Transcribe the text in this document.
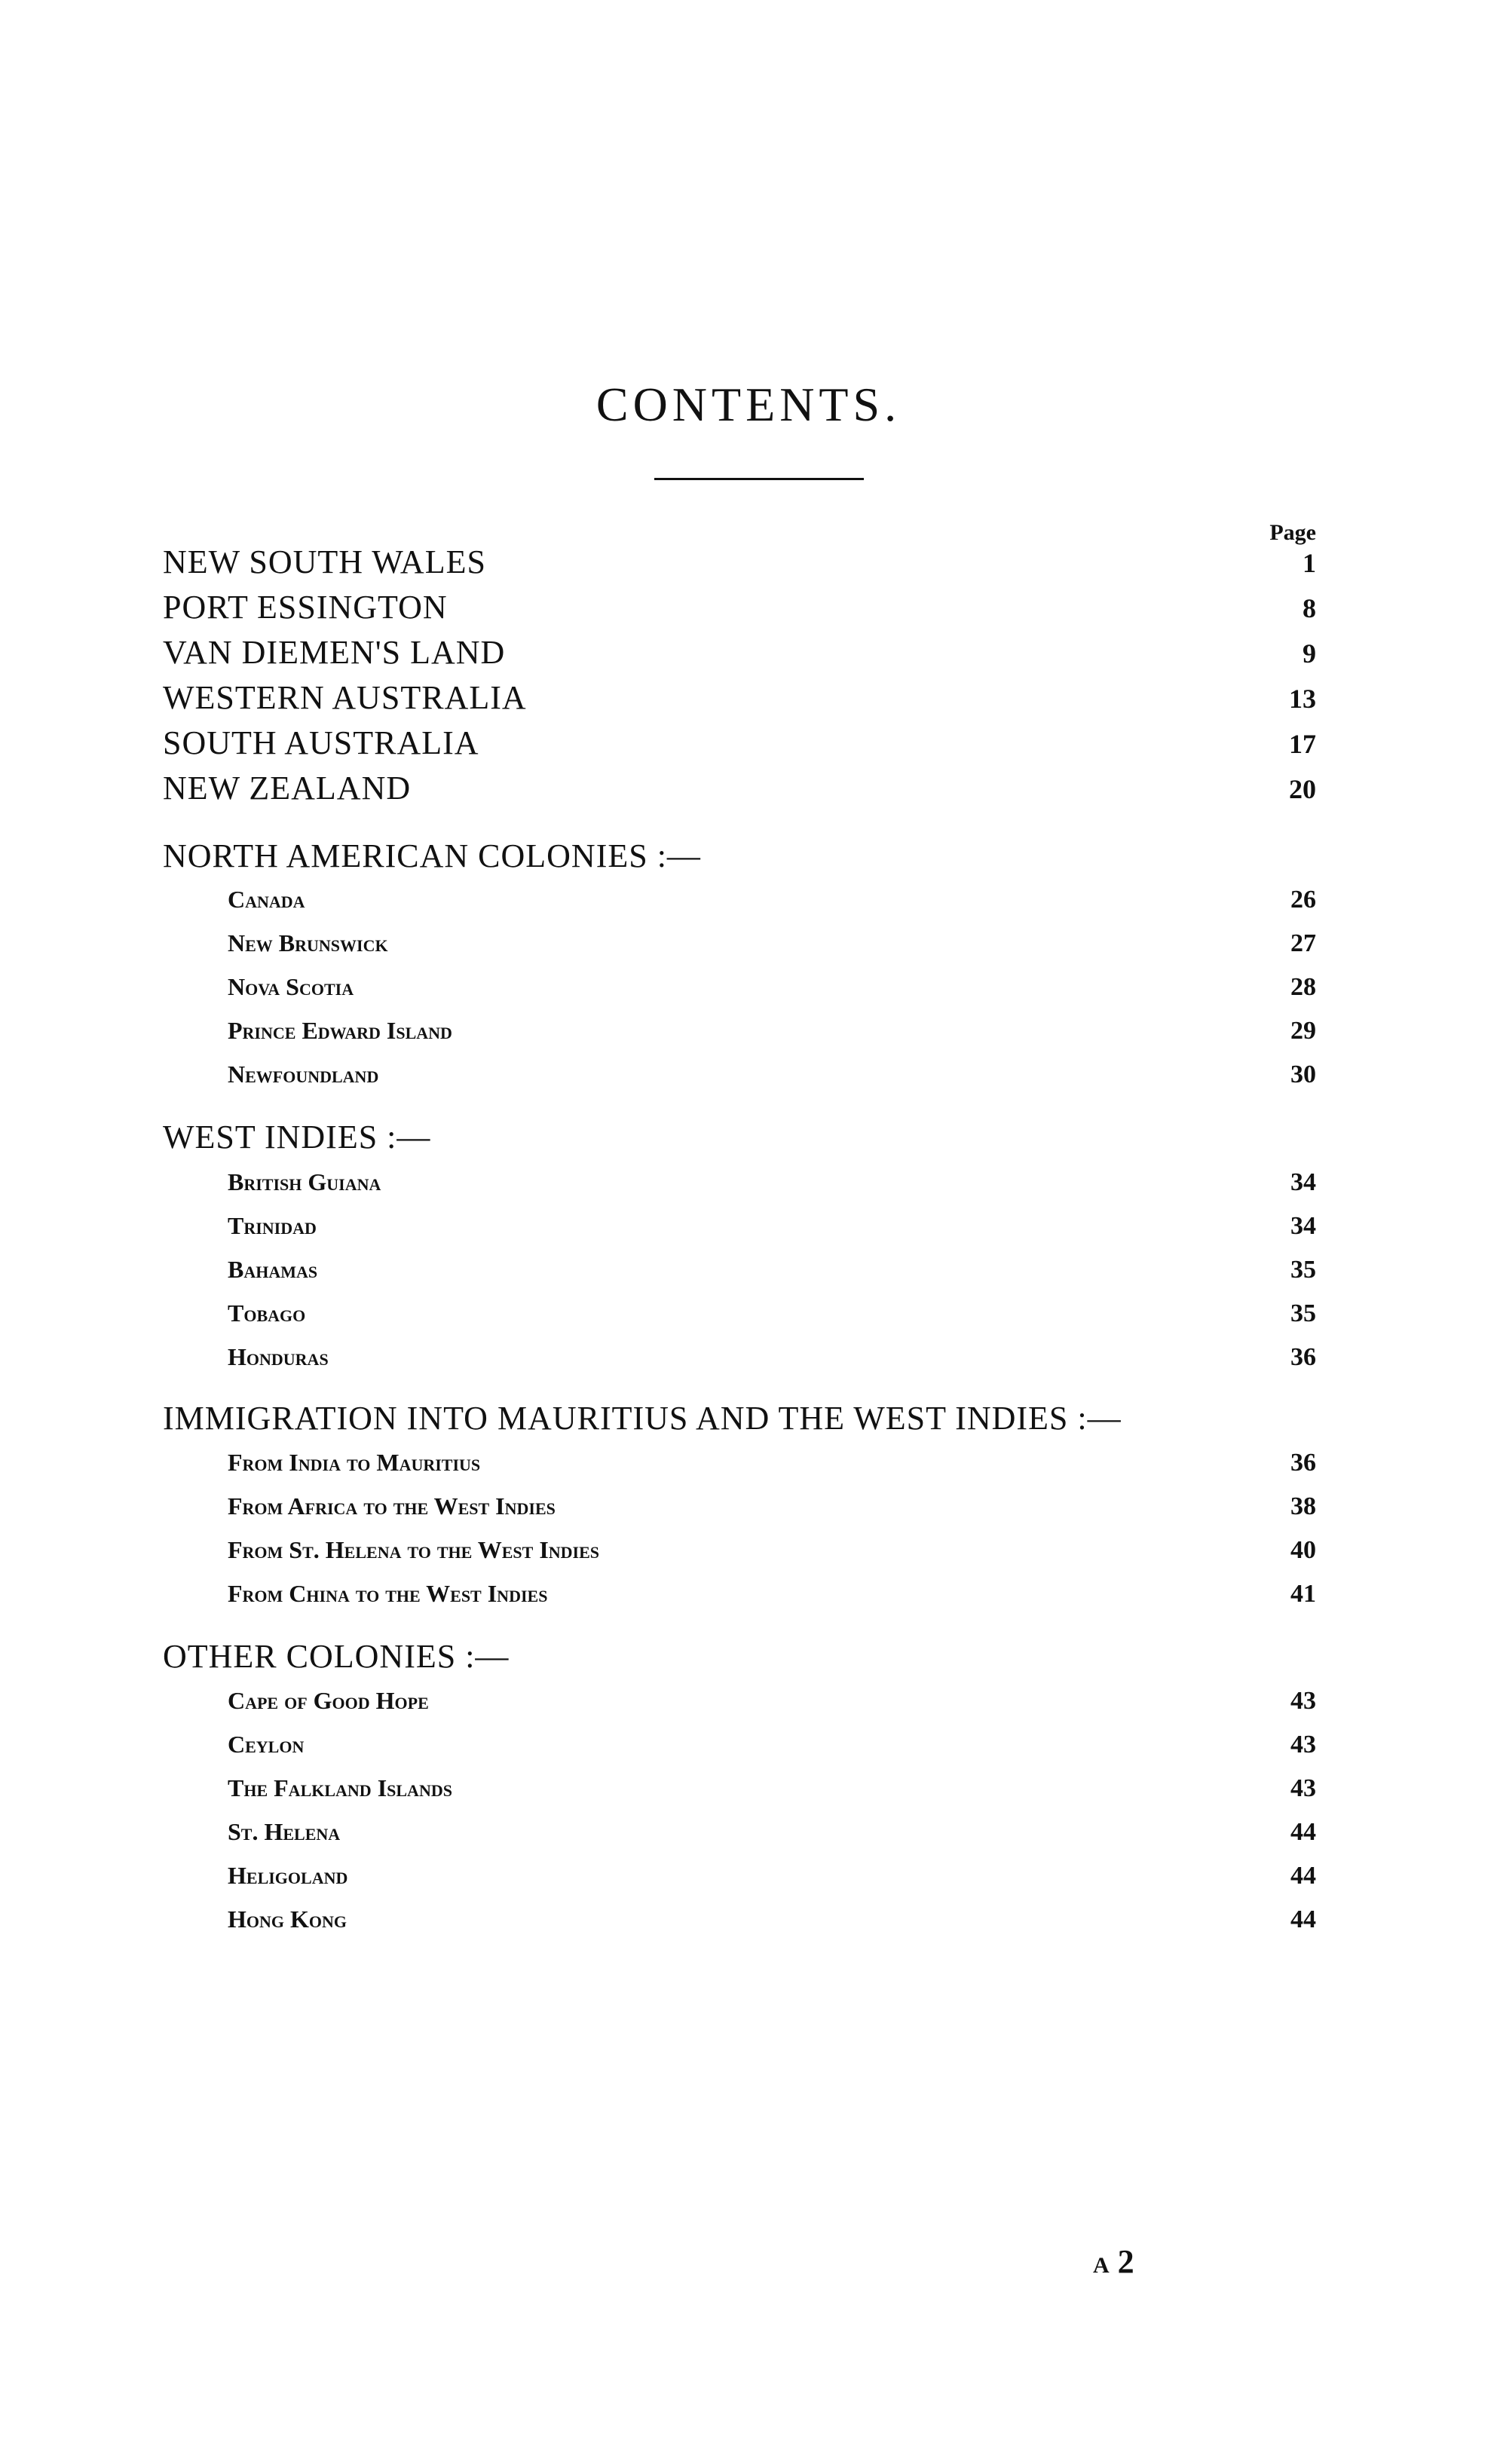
CONTENTS.
Page
NEW SOUTH WALES	1
PORT ESSINGTON	8
VAN DIEMEN'S LAND	9
WESTERN AUSTRALIA	13
SOUTH AUSTRALIA	17
NEW ZEALAND	20
NORTH AMERICAN COLONIES :—
Canada	26
New Brunswick	27
Nova Scotia	28
Prince Edward Island	29
Newfoundland	30
WEST INDIES :—
British Guiana	34
Trinidad	34
Bahamas	35
Tobago	35
Honduras	36
IMMIGRATION INTO MAURITIUS AND THE WEST INDIES :—
From India to Mauritius	36
From Africa to the West Indies	38
From St. Helena to the West Indies	40
From China to the West Indies	41
OTHER COLONIES :—
Cape of Good Hope	43
Ceylon	43
The Falkland Islands	43
St. Helena	44
Heligoland	44
Hong Kong	44
A 2
